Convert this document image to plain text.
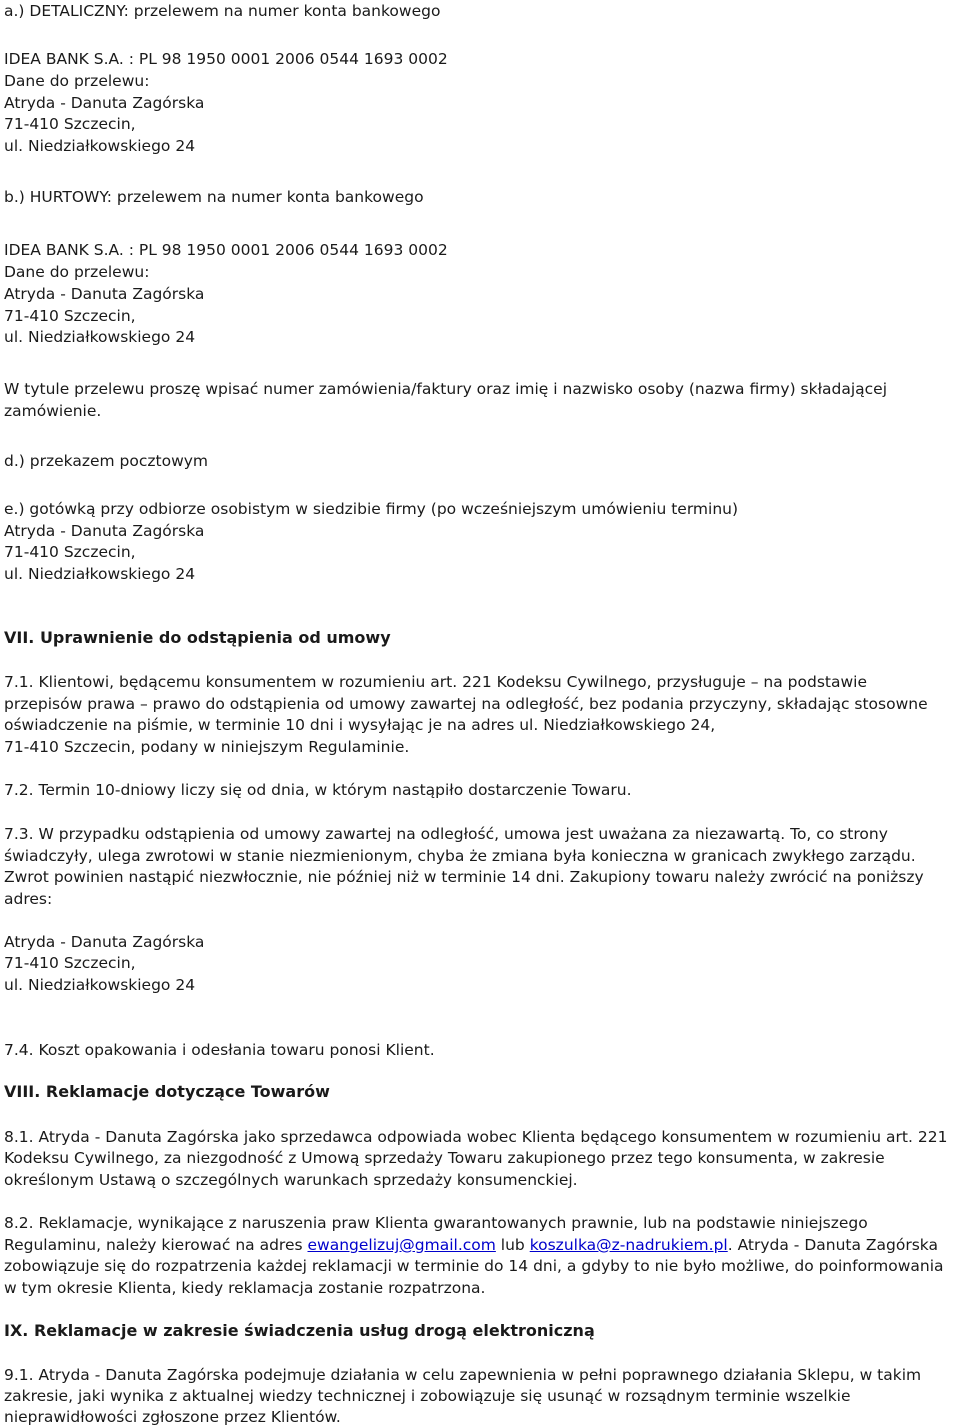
a.) DETALICZNY: przelewem na numer konta bankowego
IDEA BANK S.A. : PL 98 1950 0001 2006 0544 1693 0002
Dane do przelewu:
Atryda - Danuta Zagórska
71-410 Szczecin,
ul. Niedziałkowskiego 24
b.) HURTOWY: przelewem na numer konta bankowego
IDEA BANK S.A. : PL 98 1950 0001 2006 0544 1693 0002
Dane do przelewu:
Atryda - Danuta Zagórska
71-410 Szczecin,
ul. Niedziałkowskiego 24
W tytule przelewu proszę wpisać numer zamówienia/faktury oraz imię i nazwisko osoby (nazwa firmy) składającej
zamówienie.
d.) przekazem pocztowym
e.) gotówką przy odbiorze osobistym w siedzibie firmy (po wcześniejszym umówieniu terminu)
Atryda - Danuta Zagórska
71-410 Szczecin,
ul. Niedziałkowskiego 24
VII. Uprawnienie do odstąpienia od umowy
7.1. Klientowi, będącemu konsumentem w rozumieniu art. 221 Kodeksu Cywilnego, przysługuje – na podstawie
przepisów prawa – prawo do odstąpienia od umowy zawartej na odległość, bez podania przyczyny, składając stosowne
oświadczenie na piśmie, w terminie 10 dni i wysyłając je na adres ul. Niedziałkowskiego 24,
71-410 Szczecin, podany w niniejszym Regulaminie.
7.2. Termin 10-dniowy liczy się od dnia, w którym nastąpiło dostarczenie Towaru.
7.3. W przypadku odstąpienia od umowy zawartej na odległość, umowa jest uważana za niezawartą. To, co strony
świadczyły, ulega zwrotowi w stanie niezmienionym, chyba że zmiana była konieczna w granicach zwykłego zarządu.
Zwrot powinien nastąpić niezwłocznie, nie później niż w terminie 14 dni. Zakupiony towaru należy zwrócić na poniższy
adres:
Atryda - Danuta Zagórska
71-410 Szczecin,
ul. Niedziałkowskiego 24
7.4. Koszt opakowania i odesłania towaru ponosi Klient.
VIII. Reklamacje dotyczące Towarów
8.1. Atryda - Danuta Zagórska jako sprzedawca odpowiada wobec Klienta będącego konsumentem w rozumieniu art. 221
Kodeksu Cywilnego, za niezgodność z Umową sprzedaży Towaru zakupionego przez tego konsumenta, w zakresie
określonym Ustawą o szczególnych warunkach sprzedaży konsumenckiej.
8.2. Reklamacje, wynikające z naruszenia praw Klienta gwarantowanych prawnie, lub na podstawie niniejszego
Regulaminu, należy kierować na adres ewangelizuj@gmail.com lub koszulka@z-nadrukiem.pl. Atryda - Danuta Zagórska
zobowiązuje się do rozpatrzenia każdej reklamacji w terminie do 14 dni, a gdyby to nie było możliwe, do poinformowania
w tym okresie Klienta, kiedy reklamacja zostanie rozpatrzona.
IX. Reklamacje w zakresie świadczenia usług drogą elektroniczną
9.1. Atryda - Danuta Zagórska podejmuje działania w celu zapewnienia w pełni poprawnego działania Sklepu, w takim
zakresie, jaki wynika z aktualnej wiedzy technicznej i zobowiązuje się usunąć w rozsądnym terminie wszelkie
nieprawidłowości zgłoszone przez Klientów.
